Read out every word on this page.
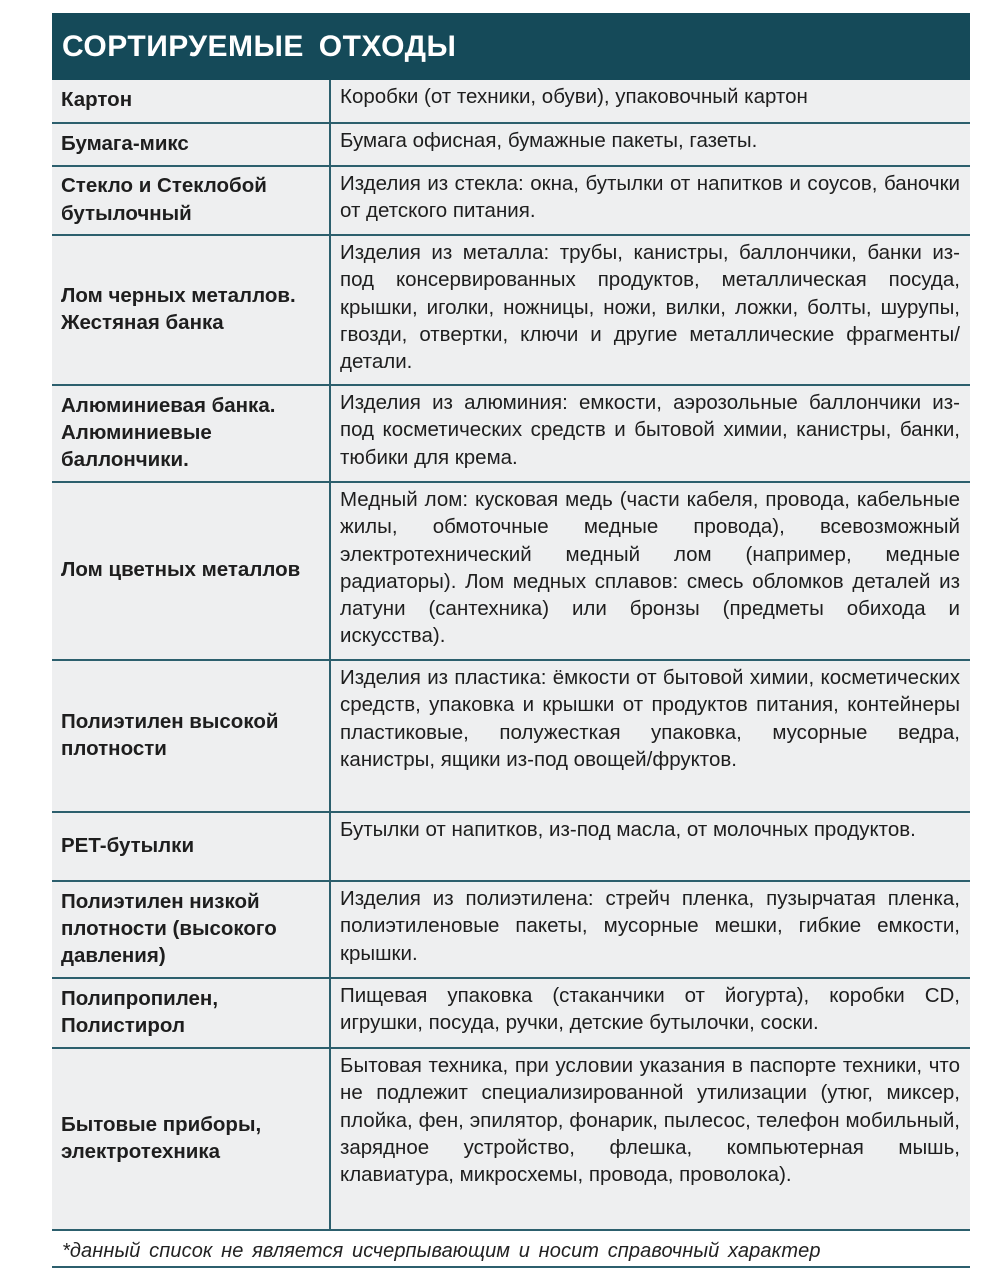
СОРТИРУЕМЫЕ ОТХОДЫ
Картон	Коробки (от техники, обуви), упаковочный картон
Бумага-микс	Бумага офисная, бумажные пакеты, газеты.
Стекло и Стеклобой бутылочный	Изделия из стекла: окна, бутылки от напитков и соусов, баночки от детского питания.
Лом черных металлов. Жестяная банка	Изделия из металла: трубы, канистры, баллончики, банки из-под консервированных продуктов, металлическая посуда, крышки, иголки, ножницы, ножи, вилки, ложки, болты, шурупы, гвозди, отвертки, ключи и другие металлические фрагменты/детали.
Алюминиевая банка. Алюминиевые баллончики.	Изделия из алюминия: емкости, аэрозольные баллончики из-под косметических средств и бытовой химии, канистры, банки, тюбики для крема.
Лом цветных металлов	Медный лом: кусковая медь (части кабеля, провода, кабельные жилы, обмоточные медные провода), всевозможный электротехнический медный лом (например, медные радиаторы). Лом медных сплавов: смесь обломков деталей из латуни (сантехника) или бронзы (предметы обихода и искусства).
Полиэтилен высокой плотности	Изделия из пластика: ёмкости от бытовой химии, косметических средств, упаковка и крышки от продуктов питания, контейнеры пластиковые, полужесткая упаковка, мусорные ведра, канистры, ящики из-под овощей/фруктов.
PET-бутылки	Бутылки от напитков, из-под масла, от молочных продуктов.
Полиэтилен низкой плотности (высокого давления)	Изделия из полиэтилена: стрейч пленка, пузырчатая пленка, полиэтиленовые пакеты, мусорные мешки, гибкие емкости, крышки.
Полипропилен, Полистирол	Пищевая упаковка (стаканчики от йогурта), коробки CD, игрушки, посуда, ручки, детские бутылочки, соски.
Бытовые приборы, электротехника	Бытовая техника, при условии указания в паспорте техники, что не подлежит специализированной утилизации (утюг, миксер, плойка, фен, эпилятор, фонарик, пылесос, телефон мобильный, зарядное устройство, флешка, компьютерная мышь, клавиатура, микросхемы, провода, проволока).
*данный список не является исчерпывающим и носит справочный характер
